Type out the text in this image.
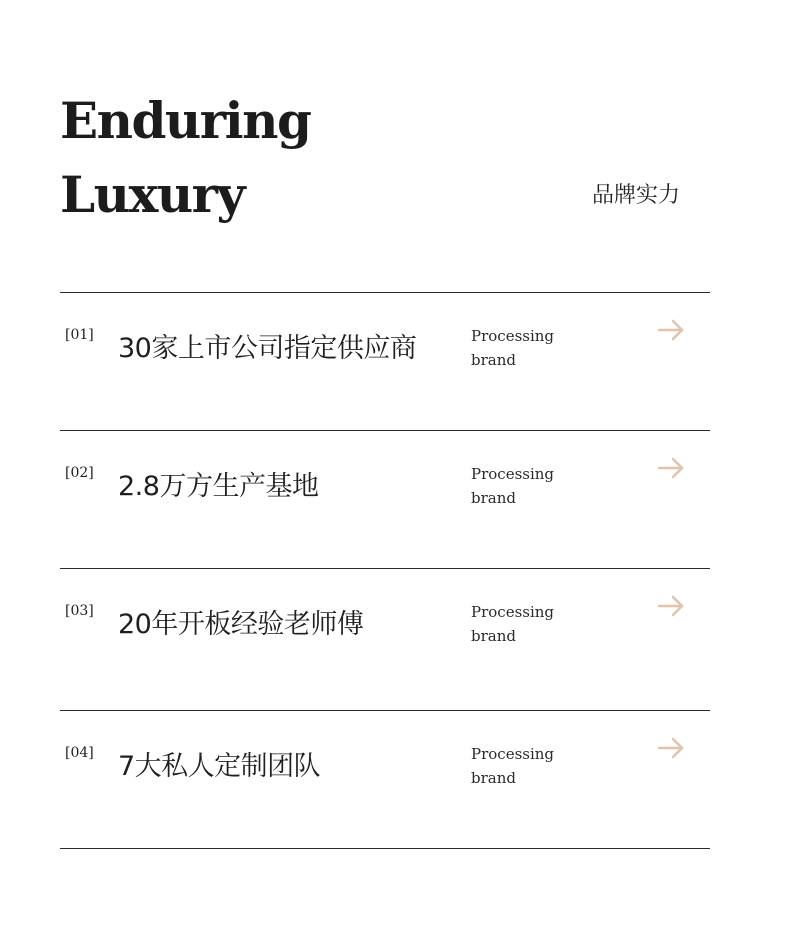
Enduring
Luxury	品牌实力
[01] 30家上市公司指定供应商	Processing
brand
[02] 2.8万方生产基地	Processing
brand
[03] 20年开板经验老师傅	Processing
brand
[04] 7大私人定制团队	Processing
brand
